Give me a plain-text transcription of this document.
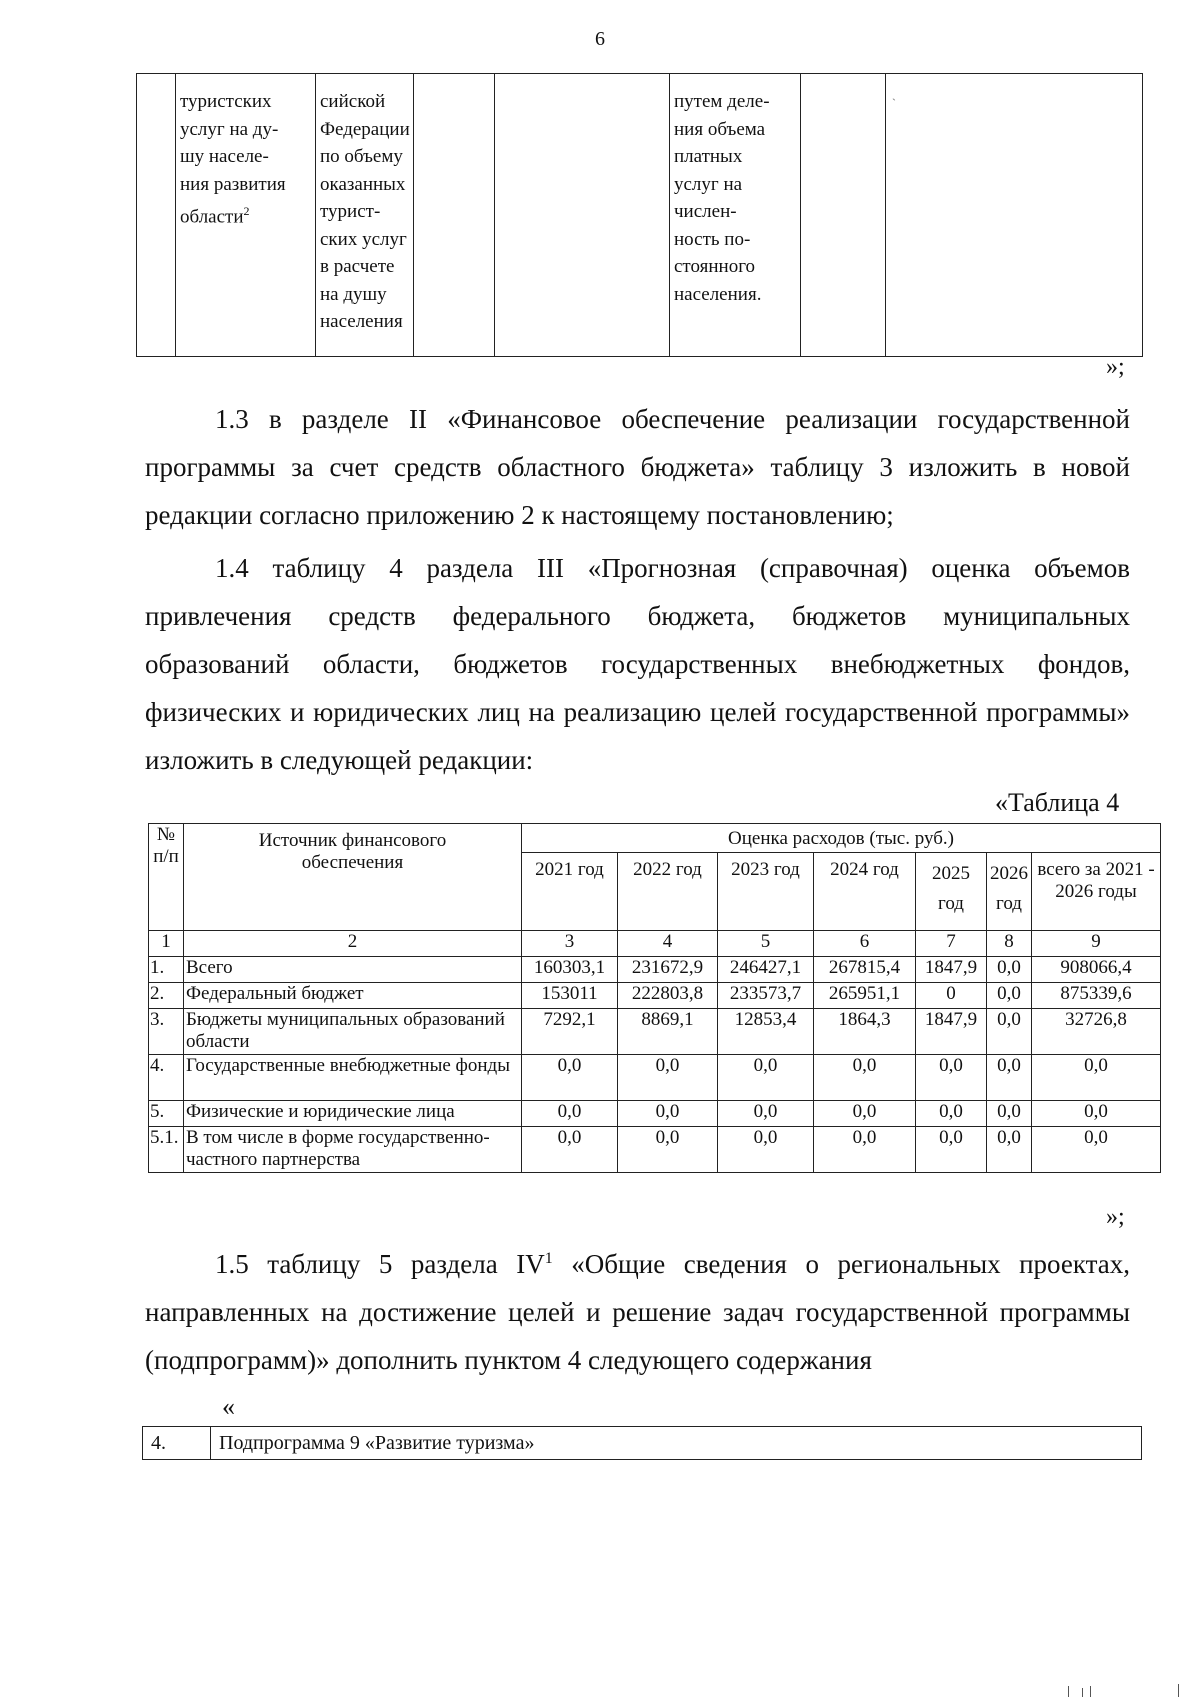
6
	туристских
услуг на ду-
шу населе-
ния развития
области$^2$	сийской
Федерации
по объему
оказанных
турист-
ских услуг
в расчете
на душу
населения			путем деле-
ния объема
платных
услуг на
числен-
ность по-
стоянного
населения.		`
»;

1.3 в разделе II «Финансовое обеспечение реализации государственной программы за счет средств областного бюджета» таблицу 3 изложить в новой редакции согласно приложению 2 к настоящему постановлению;

1.4 таблицу 4 раздела III «Прогнозная (справочная) оценка объемов привлечения средств федерального бюджета, бюджетов муниципальных образований области, бюджетов государственных внебюджетных фондов, физических и юридических лиц на реализацию целей государственной программы» изложить в следующей редакции:

«Таблица 4
№ п/п	Источник финансового обеспечения	Оценка расходов (тыс. руб.)						
		2021 год	2022 год	2023 год	2024 год	2025 год	2026 год	всего за 2021 - 2026 годы
1	2	3	4	5	6	7	8	9
1.	Всего	160303,1	231672,9	246427,1	267815,4	1847,9	0,0	908066,4
2.	Федеральный бюджет	153011	222803,8	233573,7	265951,1	0	0,0	875339,6
3.	Бюджеты муниципальных образований области	7292,1	8869,1	12853,4	1864,3	1847,9	0,0	32726,8
4.	Государственные внебюджетные фонды	0,0	0,0	0,0	0,0	0,0	0,0	0,0
5.	Физические и юридические лица	0,0	0,0	0,0	0,0	0,0	0,0	0,0
5.1.	В том числе в форме государственно-частного партнерства	0,0	0,0	0,0	0,0	0,0	0,0	0,0
»;

1.5 таблицу 5 раздела $IV^1$ «Общие сведения о региональных проектах, направленных на достижение целей и решение задач государственной программы (подпрограмм)» дополнить пунктом 4 следующего содержания

«
4.	Подпрограмма 9 «Развитие туризма»
